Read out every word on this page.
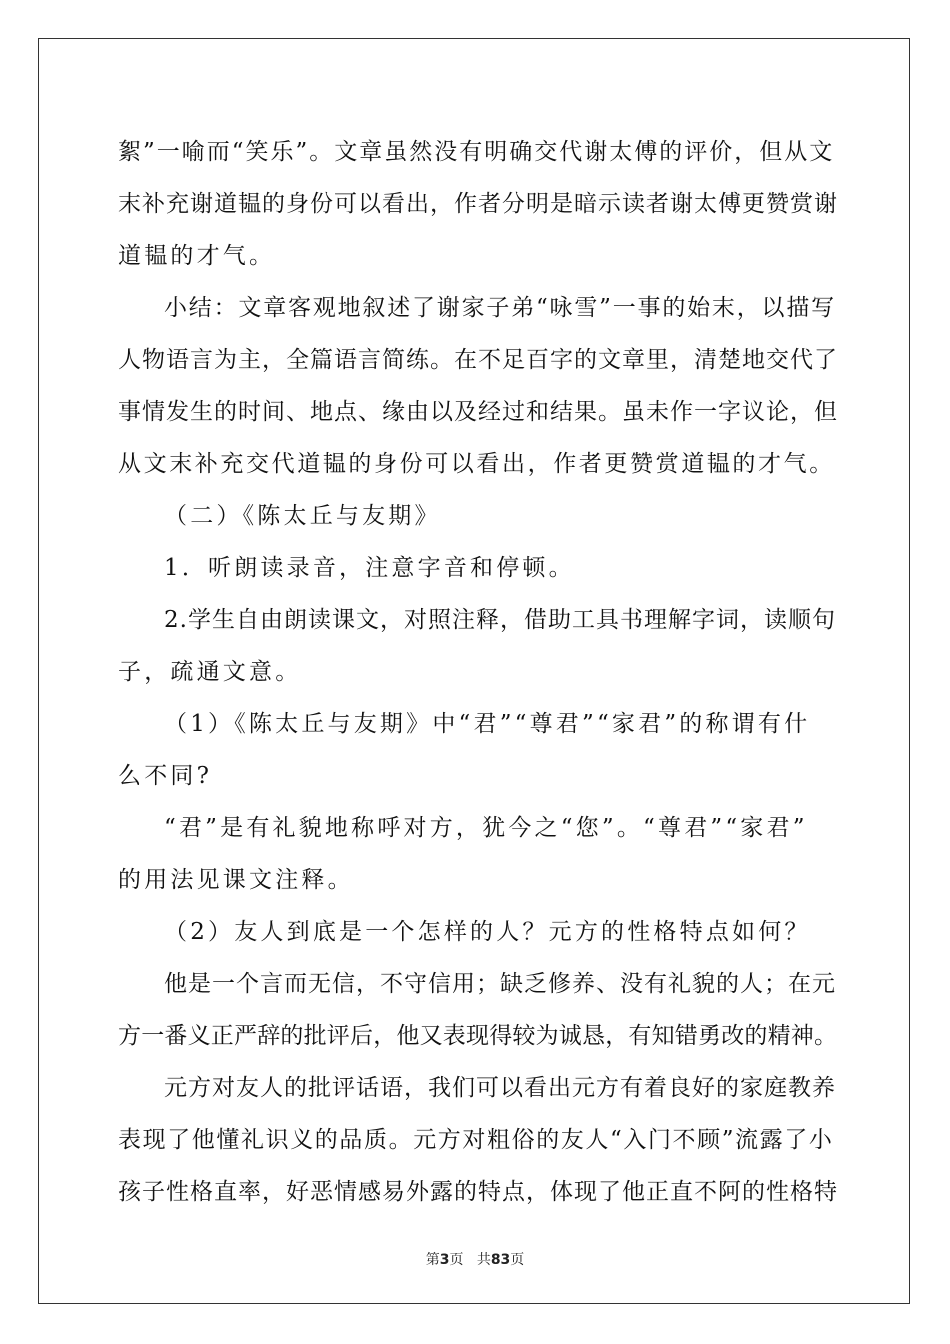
絮”一喻而“笑乐”。文章虽然没有明确交代谢太傅的评价，但从文
末补充谢道韫的身份可以看出，作者分明是暗示读者谢太傅更赞赏谢
道韫的才气。
小结：文章客观地叙述了谢家子弟“咏雪”一事的始末，以描写
人物语言为主，全篇语言简练。在不足百字的文章里，清楚地交代了
事情发生的时间、地点、缘由以及经过和结果。虽未作一字议论，但
从文末补充交代道韫的身份可以看出，作者更赞赏道韫的才气。
（二）《陈太丘与友期》
1．听朗读录音，注意字音和停顿。
2.学生自由朗读课文，对照注释，借助工具书理解字词，读顺句
子，疏通文意。
（1）《陈太丘与友期》中“君”“尊君”“家君”的称谓有什
么不同?
“君”是有礼貌地称呼对方，犹今之“您”。“尊君”“家君”
的用法见课文注释。
（2）友人到底是一个怎样的人？元方的性格特点如何？
他是一个言而无信，不守信用；缺乏修养、没有礼貌的人；在元
方一番义正严辞的批评后，他又表现得较为诚恳，有知错勇改的精神。
元方对友人的批评话语，我们可以看出元方有着良好的家庭教养
表现了他懂礼识义的品质。元方对粗俗的友人“入门不顾”流露了小
孩子性格直率，好恶情感易外露的特点，体现了他正直不阿的性格特
第3页 共83页
